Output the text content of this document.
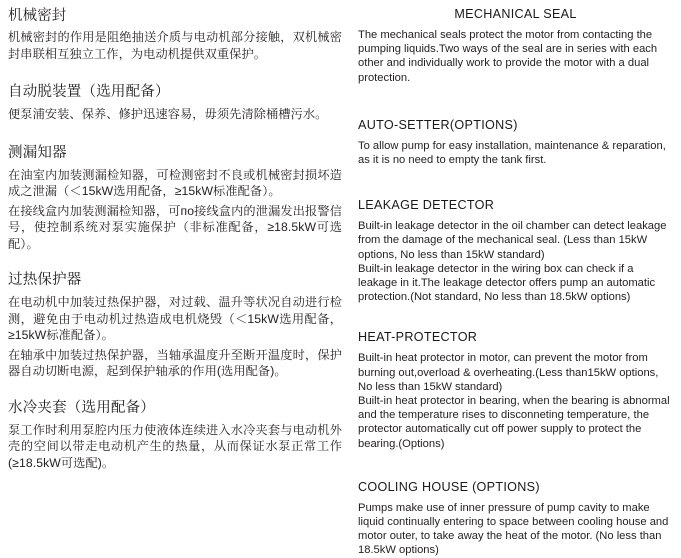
机械密封

机械密封的作用是阻绝抽送介质与电动机部分接触，双机械密封串联相互独立工作，为电动机提供双重保护。

自动脱装置（选用配备）

便泵浦安装、保养、修护迅速容易，毋须先清除桶槽污水。

测漏知器

在油室内加装测漏检知器，可检测密封不良或机械密封损坏造成之泄漏（＜15kW选用配备，≥15kW标准配备）。

在接线盒内加装测漏检知器，可по接线盒内的泄漏发出报警信号，使控制系统对泵实施保护（非标准配备，≥18.5kW可选配）。

过热保护器

在电动机中加装过热保护器，对过载、温升等状况自动进行检测，避免由于电动机过热造成电机烧毁（＜15kW选用配备，≥15kW标准配备）。

在轴承中加装过热保护器，当轴承温度升至断开温度时，保护器自动切断电源，起到保护轴承的作用(选用配备)。

水冷夹套（选用配备）

泵工作时利用泵腔内压力使液体连续进入水冷夹套与电动机外壳的空间以带走电动机产生的热量，从而保证水泵正常工作(≥18.5kW可选配)。

MECHANICAL SEAL

The mechanical seals protect the motor from contacting the pumping liquids.Two ways of the seal are in series with each other and individually work to provide the motor with a dual protection.

AUTO-SETTER(OPTIONS)

To allow pump for easy installation, maintenance & reparation, as it is no need to empty the tank first.

LEAKAGE DETECTOR

Built-in leakage detector in the oil chamber can detect leakage from the damage of the mechanical seal. (Less than 15kW options, No less than 15kW standard)

Built-in leakage detector in the wiring box can check if a leakage in it.The leakage detector offers pump an automatic protection.(Not standard, No less than 18.5kW options)

HEAT-PROTECTOR

Built-in heat protector in motor, can prevent the motor from burning out,overload & overheating.(Less than15kW options, No less than 15kW standard)

Built-in heat protector in bearing, when the bearing is abnormal and the temperature rises to disconneting temperature, the protector automatically cut off power supply to protect the bearing.(Options)

COOLING HOUSE (OPTIONS)

Pumps make use of inner pressure of pump cavity to make liquid continually entering to space between cooling house and motor outer, to take away the heat of the motor. (No less than 18.5kW options)
